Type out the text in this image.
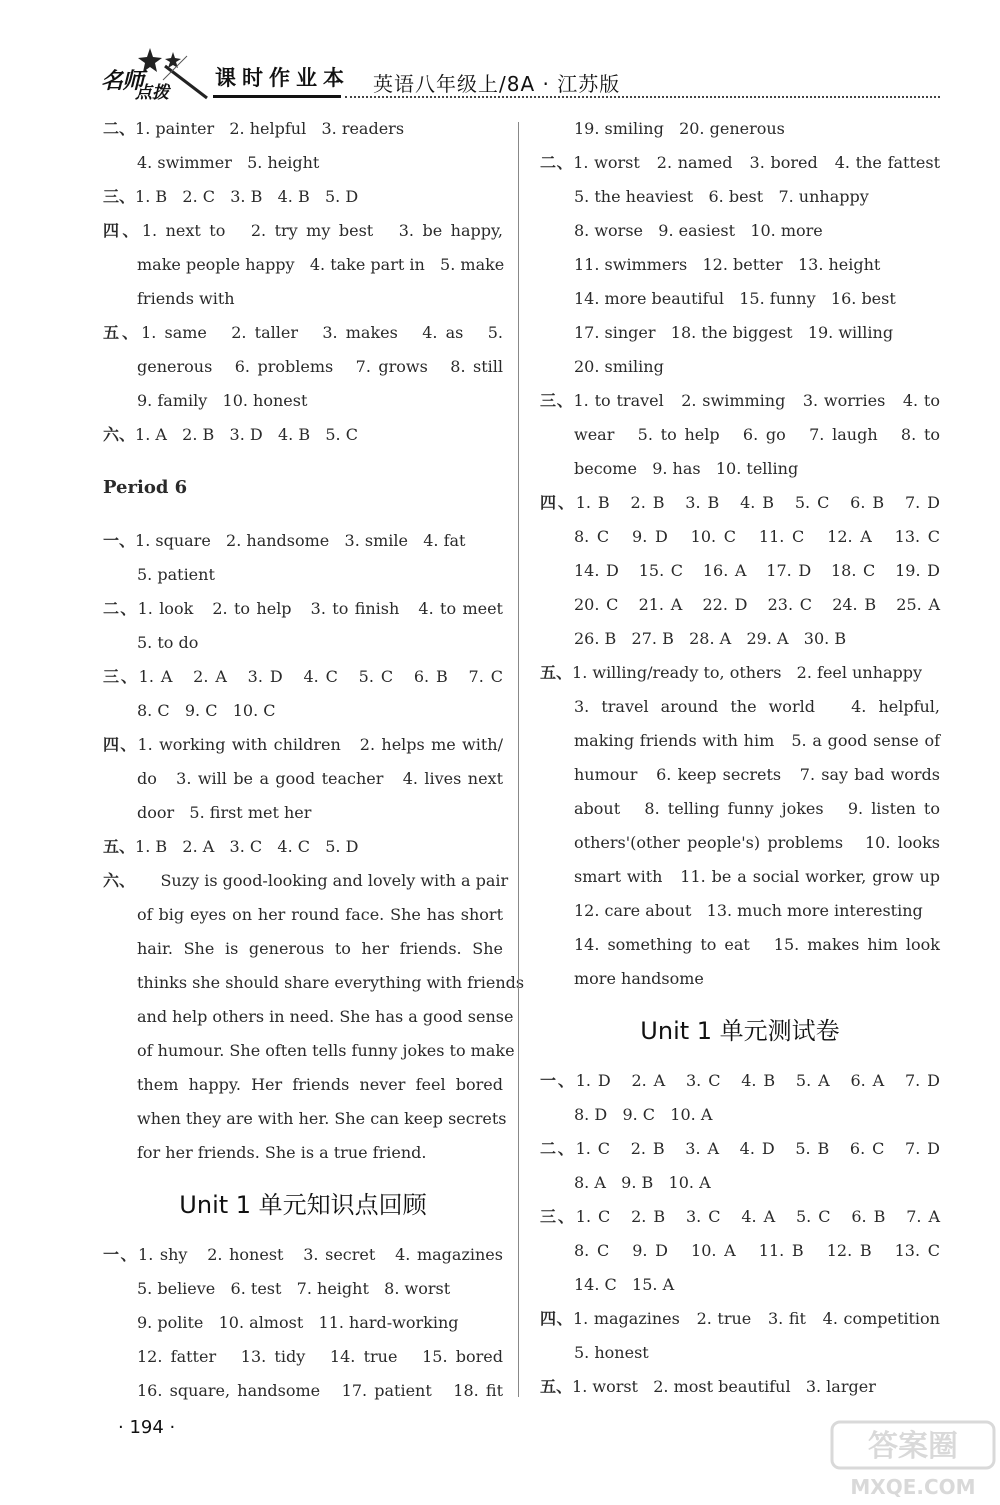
名师
点拨
课时作业本 英语八年级上/8A · 江苏版
二、1. painter   2. helpful   3. readers
4. swimmer   5. height
三、1. B   2. C   3. B   4. B   5. D
四、1. next to   2. try my best   3. be happy,
make people happy   4. take part in   5. make
friends with
五、1. same   2. taller   3. makes   4. as   5.
generous   6. problems   7. grows   8. still
9. family   10. honest
六、1. A   2. B   3. D   4. B   5. C
Period 6
一、1. square   2. handsome   3. smile   4. fat
5. patient
二、1. look   2. to help   3. to finish   4. to meet
5. to do
三、1. A   2. A   3. D   4. C   5. C   6. B   7. C
8. C   9. C   10. C
四、1. working with children   2. helps me with/
do   3. will be a good teacher   4. lives next
door   5. first met her
五、1. B   2. A   3. C   4. C   5. D
六、     Suzy is good-looking and lovely with a pair
of big eyes on her round face. She has short
hair. She is generous to her friends. She
thinks she should share everything with friends
and help others in need. She has a good sense
of humour. She often tells funny jokes to make
them happy. Her friends never feel bored
when they are with her. She can keep secrets
for her friends. She is a true friend.
Unit 1 单元知识点回顾
一、1. shy   2. honest   3. secret   4. magazines
5. believe   6. test   7. height   8. worst
9. polite   10. almost   11. hard-working
12. fatter   13. tidy   14. true   15. bored
16. square, handsome   17. patient   18. fit
19. smiling   20. generous
二、1. worst   2. named   3. bored   4. the fattest
5. the heaviest   6. best   7. unhappy
8. worse   9. easiest   10. more
11. swimmers   12. better   13. height
14. more beautiful   15. funny   16. best
17. singer   18. the biggest   19. willing
20. smiling
三、1. to travel   2. swimming   3. worries   4. to
wear   5. to help   6. go   7. laugh   8. to
become   9. has   10. telling
四、1. B   2. B   3. B   4. B   5. C   6. B   7. D
8. C   9. D   10. C   11. C   12. A   13. C
14. D   15. C   16. A   17. D   18. C   19. D
20. C   21. A   22. D   23. C   24. B   25. A
26. B   27. B   28. A   29. A   30. B
五、1. willing/ready to, others   2. feel unhappy
3. travel around the world   4. helpful,
making friends with him   5. a good sense of
humour   6. keep secrets   7. say bad words
about   8. telling funny jokes   9. listen to
others'(other people's) problems   10. looks
smart with   11. be a social worker, grow up
12. care about   13. much more interesting
14. something to eat   15. makes him look
more handsome
Unit 1 单元测试卷
一、1. D   2. A   3. C   4. B   5. A   6. A   7. D
8. D   9. C   10. A
二、1. C   2. B   3. A   4. D   5. B   6. C   7. D
8. A   9. B   10. A
三、1. C   2. B   3. C   4. A   5. C   6. B   7. A
8. C   9. D   10. A   11. B   12. B   13. C
14. C   15. A
四、1. magazines   2. true   3. fit   4. competition
5. honest
五、1. worst   2. most beautiful   3. larger
· 194 ·
答案圈
MXQE.COM
